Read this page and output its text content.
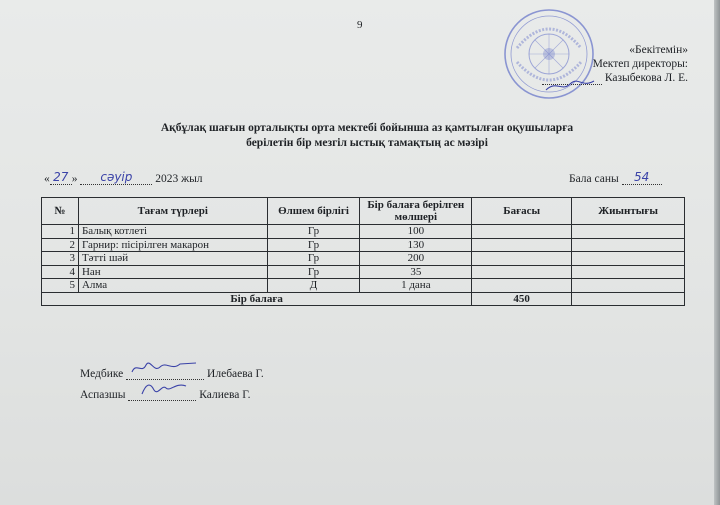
9
«Бекітемін»
Мектеп директоры:
Казыбекова Л. Е.
Ақбұлақ шағын орталықты орта мектебі бойынша аз қамтылған оқушыларға
берілетін бір мезгіл ыстық тамақтың ас мәзірі
« 27 » сәуір 2023 жыл	Бала саны 54
№	Тағам түрлері	Өлшем бірлігі	Бір балаға берілген мөлшері	Бағасы	Жиынтығы
1	Балық котлеті	Гр	100		
2	Гарнир: пісірілген макарон	Гр	130		
3	Тәтті шәй	Гр	200		
4	Нан	Гр	35		
5	Алма	Д	1 дана		
Бір балаға				450	
Медбике	Илебаева Г.
Аспазшы	Калиева Г.
